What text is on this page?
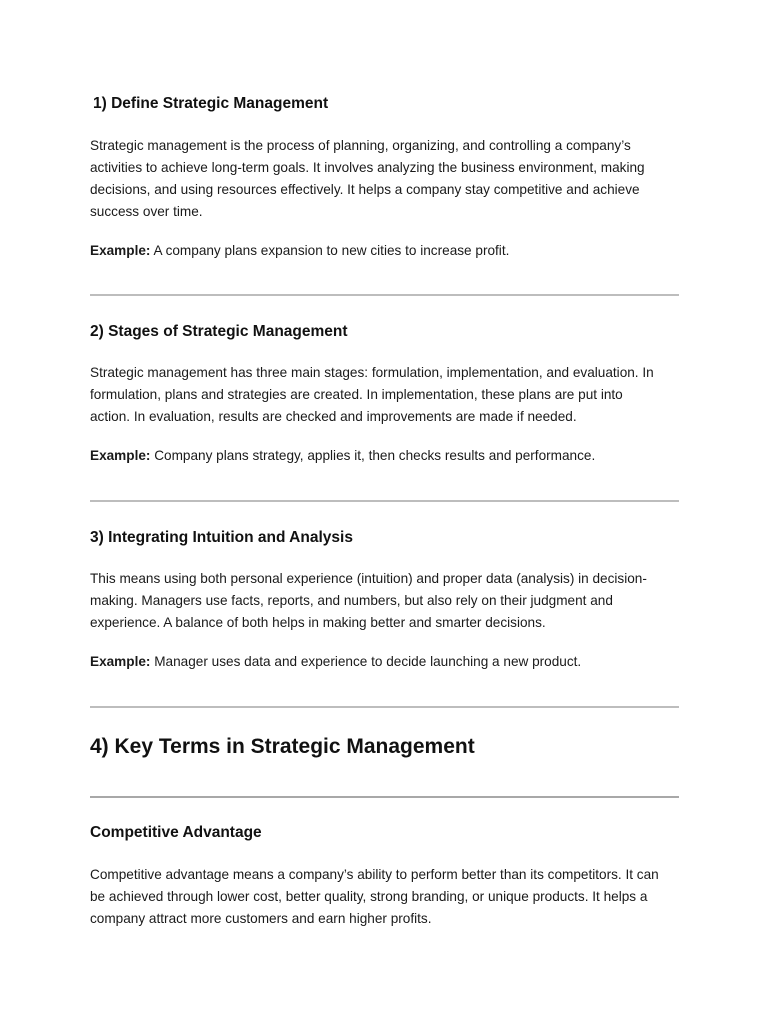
1) Define Strategic Management
Strategic management is the process of planning, organizing, and controlling a company’s
activities to achieve long-term goals. It involves analyzing the business environment, making
decisions, and using resources effectively. It helps a company stay competitive and achieve
success over time.
Example: A company plans expansion to new cities to increase profit.
2) Stages of Strategic Management
Strategic management has three main stages: formulation, implementation, and evaluation. In
formulation, plans and strategies are created. In implementation, these plans are put into
action. In evaluation, results are checked and improvements are made if needed.
Example: Company plans strategy, applies it, then checks results and performance.
3) Integrating Intuition and Analysis
This means using both personal experience (intuition) and proper data (analysis) in decision-
making. Managers use facts, reports, and numbers, but also rely on their judgment and
experience. A balance of both helps in making better and smarter decisions.
Example: Manager uses data and experience to decide launching a new product.
4) Key Terms in Strategic Management
Competitive Advantage
Competitive advantage means a company’s ability to perform better than its competitors. It can
be achieved through lower cost, better quality, strong branding, or unique products. It helps a
company attract more customers and earn higher profits.
